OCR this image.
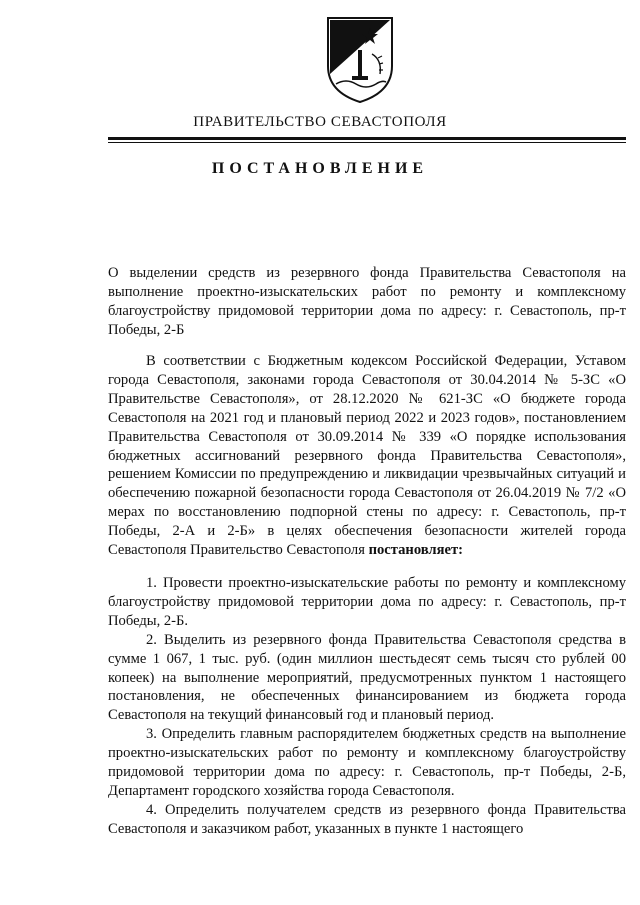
ПРАВИТЕЛЬСТВО СЕВАСТОПОЛЯ
ПОСТАНОВЛЕНИЕ
О выделении средств из резервного фонда Правительства Севастополя на выполнение проектно-изыскательских работ по ремонту и комплексному благоустройству придомовой территории дома по адресу: г. Севастополь, пр-т Победы, 2-Б
В соответствии с Бюджетным кодексом Российской Федерации, Уставом города Севастополя, законами города Севастополя от 30.04.2014 № 5-ЗС «О Правительстве Севастополя», от 28.12.2020 № 621-ЗС «О бюджете города Севастополя на 2021 год и плановый период 2022 и 2023 годов», постановлением Правительства Севастополя от 30.09.2014 № 339 «О порядке использования бюджетных ассигнований резервного фонда Правительства Севастополя», решением Комиссии по предупреждению и ликвидации чрезвычайных ситуаций и обеспечению пожарной безопасности города Севастополя от 26.04.2019 № 7/2 «О мерах по восстановлению подпорной стены по адресу: г. Севастополь, пр-т Победы, 2-А и 2-Б» в целях обеспечения безопасности жителей города Севастополя Правительство Севастополя постановляет:

1. Провести проектно-изыскательские работы по ремонту и комплексному благоустройству придомовой территории дома по адресу: г. Севастополь, пр-т Победы, 2-Б.

2. Выделить из резервного фонда Правительства Севастополя средства в сумме 1 067, 1 тыс. руб. (один миллион шестьдесят семь тысяч сто рублей 00 копеек) на выполнение мероприятий, предусмотренных пунктом 1 настоящего постановления, не обеспеченных финансированием из бюджета города Севастополя на текущий финансовый год и плановый период.

3. Определить главным распорядителем бюджетных средств на выполнение проектно-изыскательских работ по ремонту и комплексному благоустройству придомовой территории дома по адресу: г. Севастополь, пр-т Победы, 2-Б, Департамент городского хозяйства города Севастополя.

4. Определить получателем средств из резервного фонда Правительства Севастополя и заказчиком работ, указанных в пункте 1 настоящего
